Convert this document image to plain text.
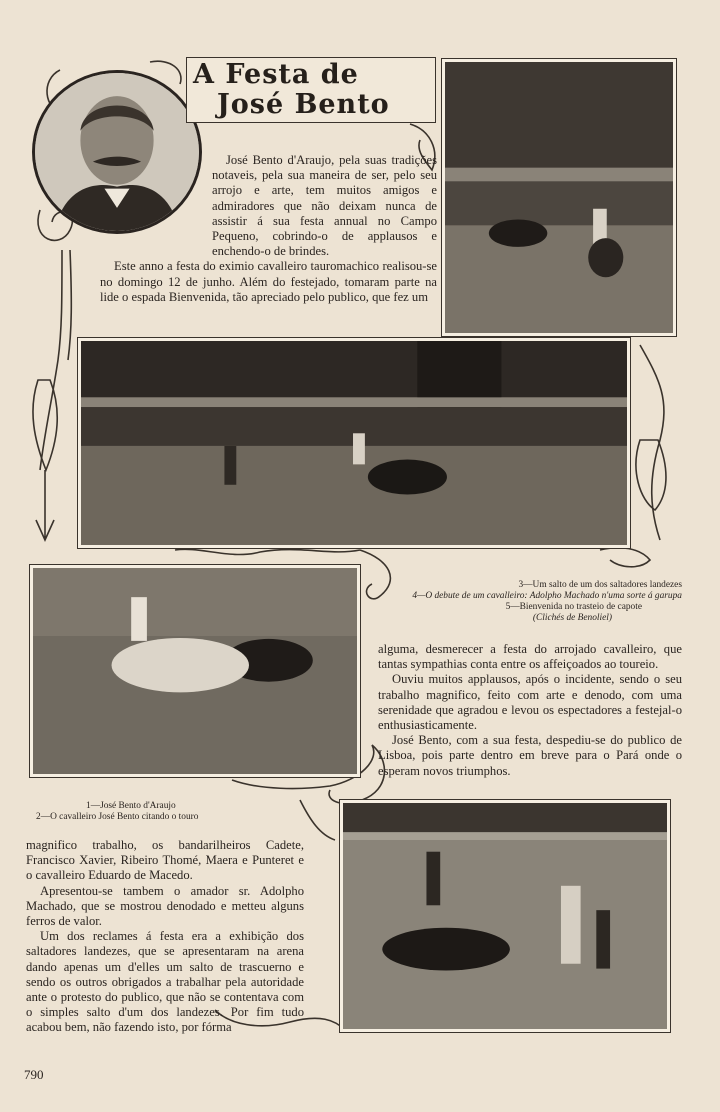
A Festa de
José Bento

José Bento d'Araujo, pela suas tradições notaveis, pela sua maneira de ser, pelo seu arrojo e arte, tem muitos amigos e admiradores que não deixam nunca de assistir á sua festa annual no Campo Pequeno, cobrindo-o de applausos e enchendo-o de brindes.

Este anno a festa do eximio cavalleiro tauromachico realisou-se no domingo 12 de junho. Além do festejado, tomaram parte na lide o espada Bienvenida, tão apreciado pelo publico, que fez um

3—Um salto de um dos saltadores landezes
4—O debute de um cavalleiro: Adolpho Machado n'uma sorte á garupa
5—Bienvenida no trasteio de capote
(Clichés de Benoliel)

alguma, desmerecer a festa do arrojado cavalleiro, que tantas sympathias conta entre os affeiçoados ao toureio.

Ouviu muitos applausos, após o incidente, sendo o seu trabalho magnifico, feito com arte e denodo, com uma serenidade que agradou e levou os espectadores a festejal-o enthusiasticamente.

José Bento, com a sua festa, despediu-se do publico de Lisboa, pois parte dentro em breve para o Pará onde o esperam novos triumphos.

1—José Bento d'Araujo
2—O cavalleiro José Bento citando o touro

magnifico trabalho, os bandarilheiros Cadete, Francisco Xavier, Ribeiro Thomé, Maera e Punteret e o cavalleiro Eduardo de Macedo.

Apresentou-se tambem o amador sr. Adolpho Machado, que se mostrou denodado e metteu alguns ferros de valor.

Um dos reclames á festa era a exhibição dos saltadores landezes, que se apresentaram na arena dando apenas um d'elles um salto de trascuerno e sendo os outros obrigados a trabalhar pela autoridade ante o protesto do publico, que não se contentava com o simples salto d'um dos landezes. Por fim tudo acabou bem, não fazendo isto, por fórma

790
